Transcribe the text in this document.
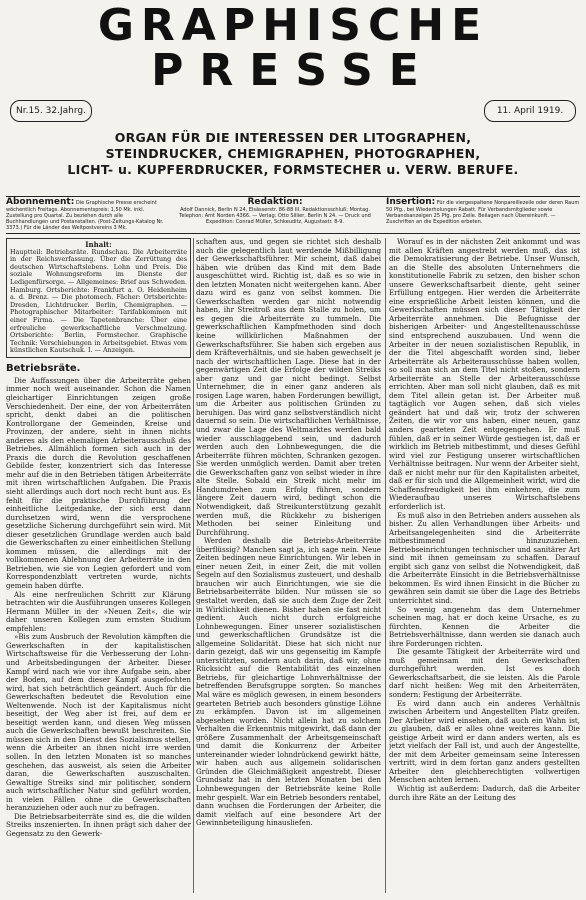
GRAPHISCHE
PRESSE
Nr.15. 32.Jahrg.	11. April 1919.
ORGAN FÜR DIE INTERESSEN DER LITOGRAPHEN,
STEINDRUCKER, CHEMIGRAPHEN, PHOTOGRAPHEN,
LICHT- u. KUPFERDRUCKER, FORMSTECHER u. VERW. BERUFE.
Abonnement: Die Graphische Presse erscheint wöchentlich Freitags. Abonnementspreis: 1,50 Mk. inkl. Zustellung pro Quartal. Zu beziehen durch alle Buchhandlungen und Postanstalten. (Post-Zeitungs-Katalog Nr. 3373.) Für die Länder des Weltpostvereins 3 Mk.
Redaktion:
Adolf Dannick, Berlin N 24, Elsässerstr. 86-88 III. Redaktionsschluß: Montag. Telephon: Amt Norden 4366. — Verlag: Otto Sillier, Berlin N 24. — Druck und Expedition: Conrad Müller, Schkeuditz, Augustastr. 8-9.
Insertion: Für die viergespaltene Nonpareillezeile oder deren Raum 50 Pfg., bei Wiederholungen Rabatt. Für Verbandsmitglieder sowie Verbandsanzeigen 25 Pfg. pro Zeile. Beilagen nach Übereinkunft. — Zuschriften an die Expedition erbeten.
Inhalt:
Hauptteil: Betriebsräte. Rundschau. Die Arbeiterräte in der Reichsverfassung. Über die Zerrüttung des deutschen Wirtschaftslebens. Lohn und Preis. Die soziale Wohnungsreform im Dienste der Ledigenfürsorge. — Allgemeines: Brief aus Schweden. Hamburg. Ortsberichte: Frankfurt a. O. Heidenheim a. d. Brenz. — Die photomech. Fächer: Ortsberichte: Dresden, Lichtdrucker. Berlin, Chemigraphen. — Photographischer Mitarbeiter: Tarifabkommen mit einer Firma. — Die Tapetenbranche: Über eine erfreuliche gewerkschaftliche Verschmelzung. Ortsberichte: Berlin, Formstecher. Graphische Technik: Verschiebungen in Arbeitsgebiet. Etwas vom künstlichen Kautschuk. I. — Anzeigen.
Betriebsräte.

Die Auffassungen über die Arbeiterräte gehen immer noch weit auseinander. Schon die Namen gleichartiger Einrichtungen zeigen große Verschiedenheit. Der eine, der von Arbeiterräten spricht, denkt dabei an die politischen Kontrollorgane der Gemeinden, Kreise und Provinzen, der andere, sieht in ihnen nichts anderes als den ehemaligen Arbeiterausschuß des Betriebes. Allmählich formen sich auch in der Praxis die durch die Revolution geschaffenen Gebilde fester, konzentriert sich das Interesse mehr auf die in den Betrieben tätigen Arbeiterräte mit ihren wirtschaftlichen Aufgaben. Die Praxis sieht allerdings auch dort noch recht bunt aus. Es fehlt für die praktische Durchführung der einheitliche Leitgedanke, der sich erst dann durchsetzen wird, wenn die versprochene gesetzliche Sicherung durchgeführt sein wird. Mit dieser gesetzlichen Grundlage werden auch bald die Gewerkschaften zu einer einheitlichen Stellung kommen müssen, die allerdings mit der vollkommenen Ablehnung der Arbeiterräte in den Betrieben, wie sie von Legien gefordert und vom Korrespondenzblatt vertreten wurde, nichts gemein haben dürfte.

Als eine nerfreulichen Schritt zur Klärung betrachten wir die Ausführungen unseres Kollegen Hermann Müller in der »Neuen Zeit«, die wir daher unseren Kollegen zum ernsten Studium empfehlen:

»Bis zum Ausbruch der Revolution kämpften die Gewerkschaften in der kapitalistischen Wirtschaftsweise für die Verbesserung der Lohn- und Arbeitsbedingungen der Arbeiter. Dieser Kampf wird nach wie vor ihre Aufgabe sein, aber der Boden, auf dem dieser Kampf ausgefochten wird, hat sich beträchtlich geändert. Auch für die Gewerkschaften bedeutet die Revolution eine Weltenwende. Noch ist der Kapitalismus nicht beseitigt, der Weg aber ist frei, auf dem er beseitigt werden kann, und diesen Weg müssen auch die Gewerkschaften bewußt beschreiten. Sie müssen sich in den Dienst des Sozialismus stellen, wenn die Arbeiter an ihnen nicht irre werden sollen. In den letzten Monaten ist so manches geschehen, das ausweist, als seien die Arbeiter daran, die Gewerkschaften auszuschalten. Gewaltige Streiks sind mir politischer, sondern auch wirtschaftlicher Natur sind geführt worden, in vielen Fällen ohne die Gewerkschaften heranzuziehen oder auch nur zu befragen.

Die Betriebsarbeiterräte sind es, die die wilden Streiks inszenierten. In ihnen prägt sich daher der Gegensatz zu den Gewerk-

schaften aus, und gegen sie richtet sich deshalb auch die gelegentlich laut werdende Mißbilligung der Gewerkschaftsführer. Mir scheint, daß dabei häben wie drüben das Kind mit dem Bade ausgeschüttet wird. Richtig ist, daß es so wie in den letzten Monaten nicht weitergehen kann. Aber dazu wird es ganz von selbst kommen. Die Gewerkschaften werden gar nicht notwendig haben, ihr Streitroß aus dem Stalle zu holen, um es gegen die Arbeiterräte zu tummeln. Die gewerkschaftlichen Kampfmethoden sind doch keine willkürlichen Maßnahmen der Gewerkschaftsführer. Sie haben sich ergeben aus dem Kräfteverhältnis, und sie haben gewechselt je nach der wirtschaftlichen Lage. Diese hat in der gegenwärtigen Zeit die Erfolge der wilden Streiks aber ganz und gar nicht bedingt. Selbst Unternehmer, die in einer ganz anderen als rosigen Lage waren, haben Forderungen bewilligt, um die Arbeiter aus politischen Gründen zu beruhigen. Das wird ganz selbstverständlich nicht dauernd so sein. Die wirtschaftlichen Verhältnisse, und zwar die Lage des Weltmarktes werden bald wieder ausschlaggebend sein, und dadurch werden auch den Lohnbewegungen, die die Arbeiterräte führen möchten, Schranken gezogen. Sie werden unmöglich werden. Damit aber treten die Gewerkschaften ganz von selbst wieder in ihre alte Stelle. Sobald ein Streik nicht mehr im Handumdrehen zum Erfolg führen, sondern längere Zeit dauern wird, bedingt schon die Notwendigkeit, daß Streikunterstützung gezahlt werden muß, die Rückkehr zu bisherigen Methoden bei seiner Einleitung und Durchführung.

Werden deshalb die Betriebs-Arbeiterräte überflüssig? Manchen sagt ja, ich sage nein. Neue Zeiten bedingen neue Einrichtungen. Wir leben in einer neuen Zeit, in einer Zeit, die mit vollen Segeln auf den Sozialismus zusteuert, und deshalb brauchen wir auch Einrichtungen, wie sie die Betriebsarbeiterräte bilden. Nur müssen sie so gestaltet werden, daß sie auch dem Zuge der Zeit in Wirklichkeit dienen. Bisher haben sie fast nicht gedient. Auch nicht durch erfolgreiche Lohnbewegungen. Einer unserer sozialistischen und gewerkschaftlichen Grundsätze ist die allgemeine Solidarität. Diese hat sich nicht nur darin gezeigt, daß wir uns gegenseitig im Kampfe unterstützten, sondern auch darin, daß wir, ohne Rücksicht auf die Rentabilität des einzelnen Betriebs, für gleichartige Lohnverhältnisse der betreffenden Berufsgruppe sorgten. So manches Mal wäre es möglich gewesen, in einem besonders gearteten Betrieb auch besonders günstige Löhne zu erkämpfen. Davon ist im allgemeinen abgesehen worden. Nicht allein hat zu solchem Verhalten die Erkenntnis mitgewirkt, daß dann der größere Zusammenhalt der Arbeitsgemeinschaft und damit die Konkurrenz der Arbeiter untereinander wieder lohndrückend gewirkt hätte, wir haben auch aus allgemein solidarischen Gründen die Gleichmäßigkeit angestrebt. Dieser Grundsatz hat in den letzten Monaten bei den Lohnbewegungen der Betriebsräte keine Rolle mehr gespielt. War ein Betrieb besonders rentabel, dann wuchsen die Forderungen der Arbeiter, die damit vielfach auf eine besondere Art der Gewinnbeteiligung hinausliefen.

Worauf es in der nächsten Zeit ankommt und was mit allen Kräften angestrebt werden muß, das ist die Demokratisierung der Betriebe. Unser Wunsch, an die Stelle des absoluten Unternehmers die konstitutionelle Fabrik zu setzen, den bisher schon unsere Gewerkschaftsarbeit diente, geht seiner Erfüllung entgegen. Hier werden die Arbeiterräte eine ersprießliche Arbeit leisten können, und die Gewerkschaften müssen sich dieser Tätigkeit der Arbeiterräte annehmen. Die Befugnisse der bisherigen Arbeiter- und Angestelltenausschüsse sind entsprechend auszubauen. Und wenn die Arbeiter in der neuen sozialistischen Republik, in der die Titel abgeschafft worden sind, lieber Arbeiterräte als Arbeiterausschüsse haben wollen, so soll man sich an dem Titel nicht stoßen, sondern Arbeiterräte an Stelle der Arbeiterausschüsse errichten. Aber man soll nicht glauben, daß es mit dem Titel allein getan ist. Der Arbeiter muß tagtäglich vor Augen sehen, daß sich vieles geändert hat und daß wir, trotz der schweren Zeiten, die wir vor uns haben, einer neuen, ganz anders gearteten Zeit entgegengehen. Er muß fühlen, daß er in seiner Würde gestiegen ist, daß er wirklich im Betrieb mitbestimmt, und dieses Gefühl wird viel zur Festigung unserer wirtschaftlichen Verhältnisse beitragen. Nur wenn der Arbeiter sieht, daß er nicht mehr nur für den Kapitalisten arbeitet, daß er für sich und die Allgemeinheit wirkt, wird die Schaffensfreudigkeit bei ihm einkehren, die zum Wiederaufbau unseres Wirtschaftslebens erforderlich ist.

Es muß also in den Betrieben anders aussehen als bisher. Zu allen Verhandlungen über Arbeits- und Arbeitsangelegenheiten sind die Arbeiterräte mitbestimmend hinzuzuziehen. Betriebseinrichtungen technischer und sanitärer Art sind mit ihnen gemeinsam zu schaffen. Darauf ergibt sich ganz von selbst die Notwendigkeit, daß die Arbeiterräte Einsicht in die Betriebsverhältnisse bekommen. Es wird ihnen Einsicht in die Bücher zu gewähren sein damit sie über die Lage des Betriebs unterrichtet sind.

So wenig angenehm das dem Unternehmer scheinen mag, hat er doch keine Ursache, es zu fürchten. Kennen die Arbeiter die Betriebsverhältnisse, dann werden sie danach auch ihre Forderungen richten.

Die gesamte Tätigkeit der Arbeiterräte wird und muß gemeinsam mit den Gewerkschaften durchgeführt werden. Ist es doch Gewerkschaftsarbeit, die sie leisten. Als die Parole darf nicht heißen: Weg mit den Arbeiterräten, sondern: Festigung der Arbeiterräte.

Es wird dann auch ein anderes Verhältnis zwischen Arbeitern und Angestellten Platz greifen. Der Arbeiter wird einsehen, daß auch ein Wahn ist, zu glauben, daß er alles ohne weiteres kann. Die geistige Arbeit wird er dann anders werten, als es jetzt vielfach der Fall ist, und auch der Angestellte, der mit dem Arbeiter gemeinsam seine Interessen vertritt, wird in dem fortan ganz anders gestellten Arbeiter den gleichberechtigten vollwertigen Menschen achten lernen.

Wichtig ist außerdem: Dadurch, daß die Arbeiter durch ihre Räte an der Leitung des
